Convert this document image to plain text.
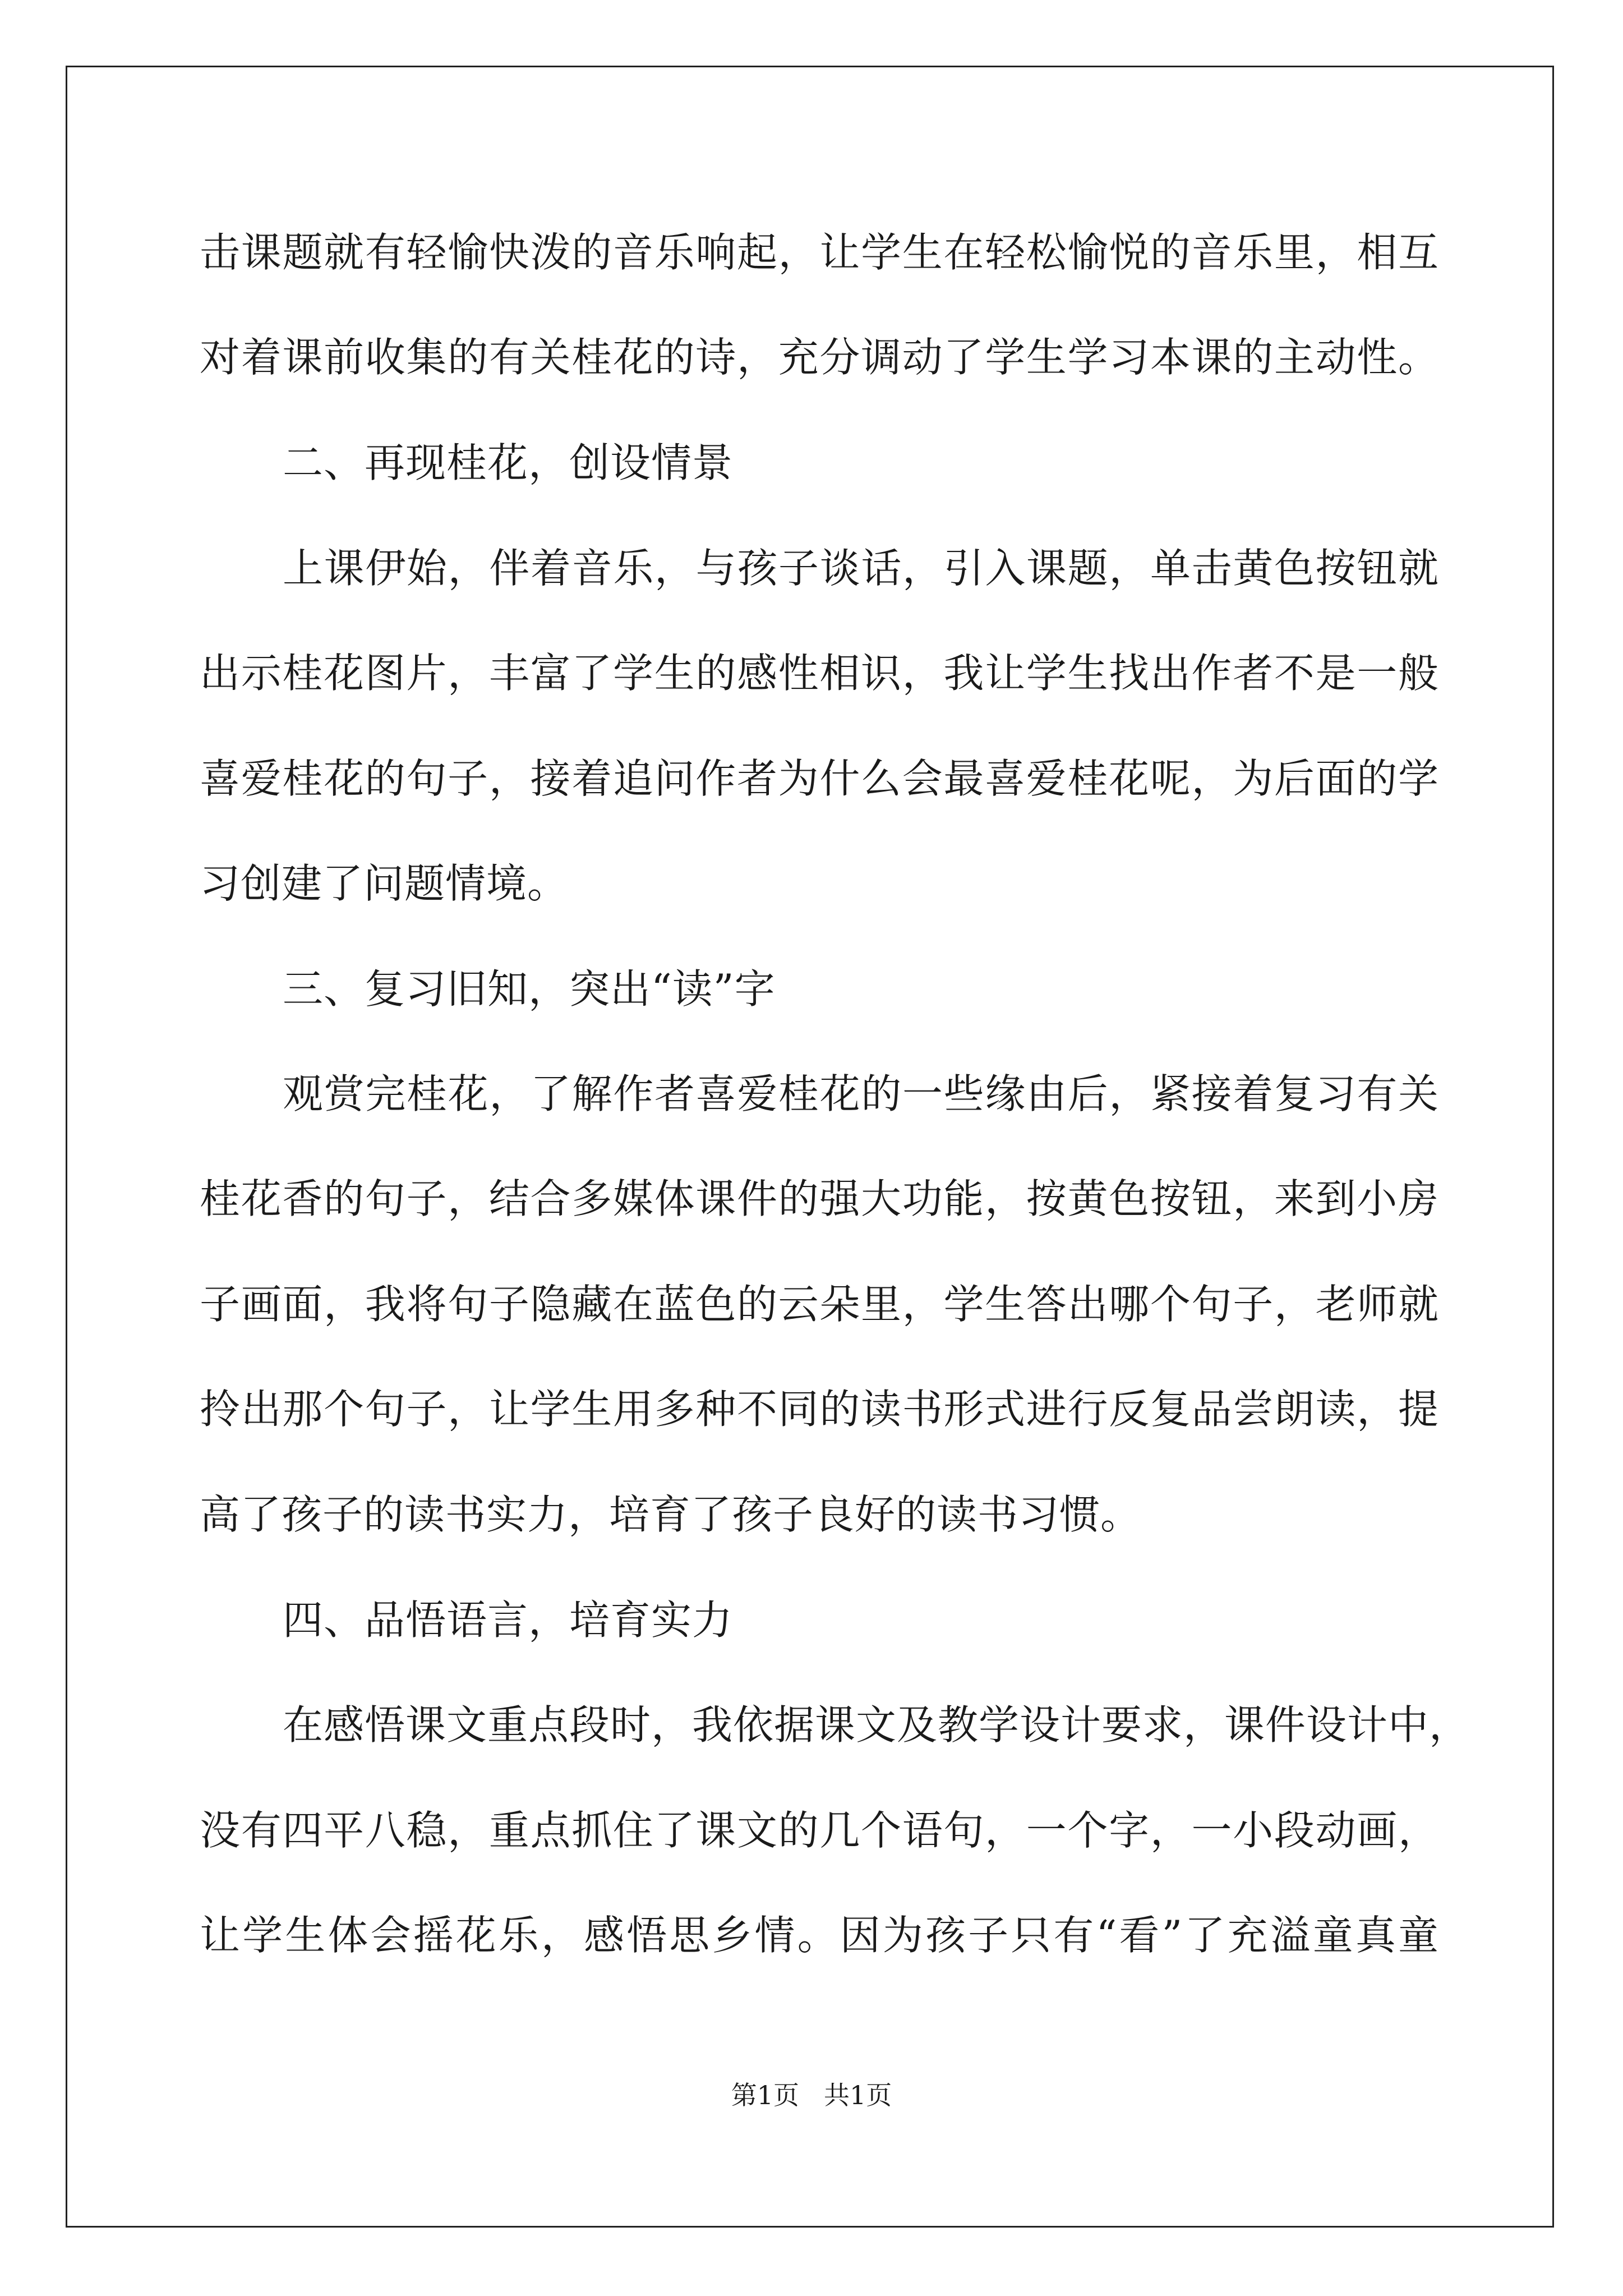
击课题就有轻愉快泼的音乐响起，让学生在轻松愉悦的音乐里，相互
对着课前收集的有关桂花的诗，充分调动了学生学习本课的主动性。
二、再现桂花，创设情景
上课伊始，伴着音乐，与孩子谈话，引入课题，单击黄色按钮就
出示桂花图片，丰富了学生的感性相识，我让学生找出作者不是一般
喜爱桂花的句子，接着追问作者为什么会最喜爱桂花呢，为后面的学
习创建了问题情境。
三、复习旧知，突出“读”字
观赏完桂花，了解作者喜爱桂花的一些缘由后，紧接着复习有关
桂花香的句子，结合多媒体课件的强大功能，按黄色按钮，来到小房
子画面，我将句子隐藏在蓝色的云朵里，学生答出哪个句子，老师就
拎出那个句子，让学生用多种不同的读书形式进行反复品尝朗读，提
高了孩子的读书实力，培育了孩子良好的读书习惯。
四、品悟语言，培育实力
在感悟课文重点段时，我依据课文及教学设计要求，课件设计中，
没有四平八稳，重点抓住了课文的几个语句，一个字，一小段动画，
让学生体会摇花乐，感悟思乡情。因为孩子只有“看”了充溢童真童
第1页 共1页
